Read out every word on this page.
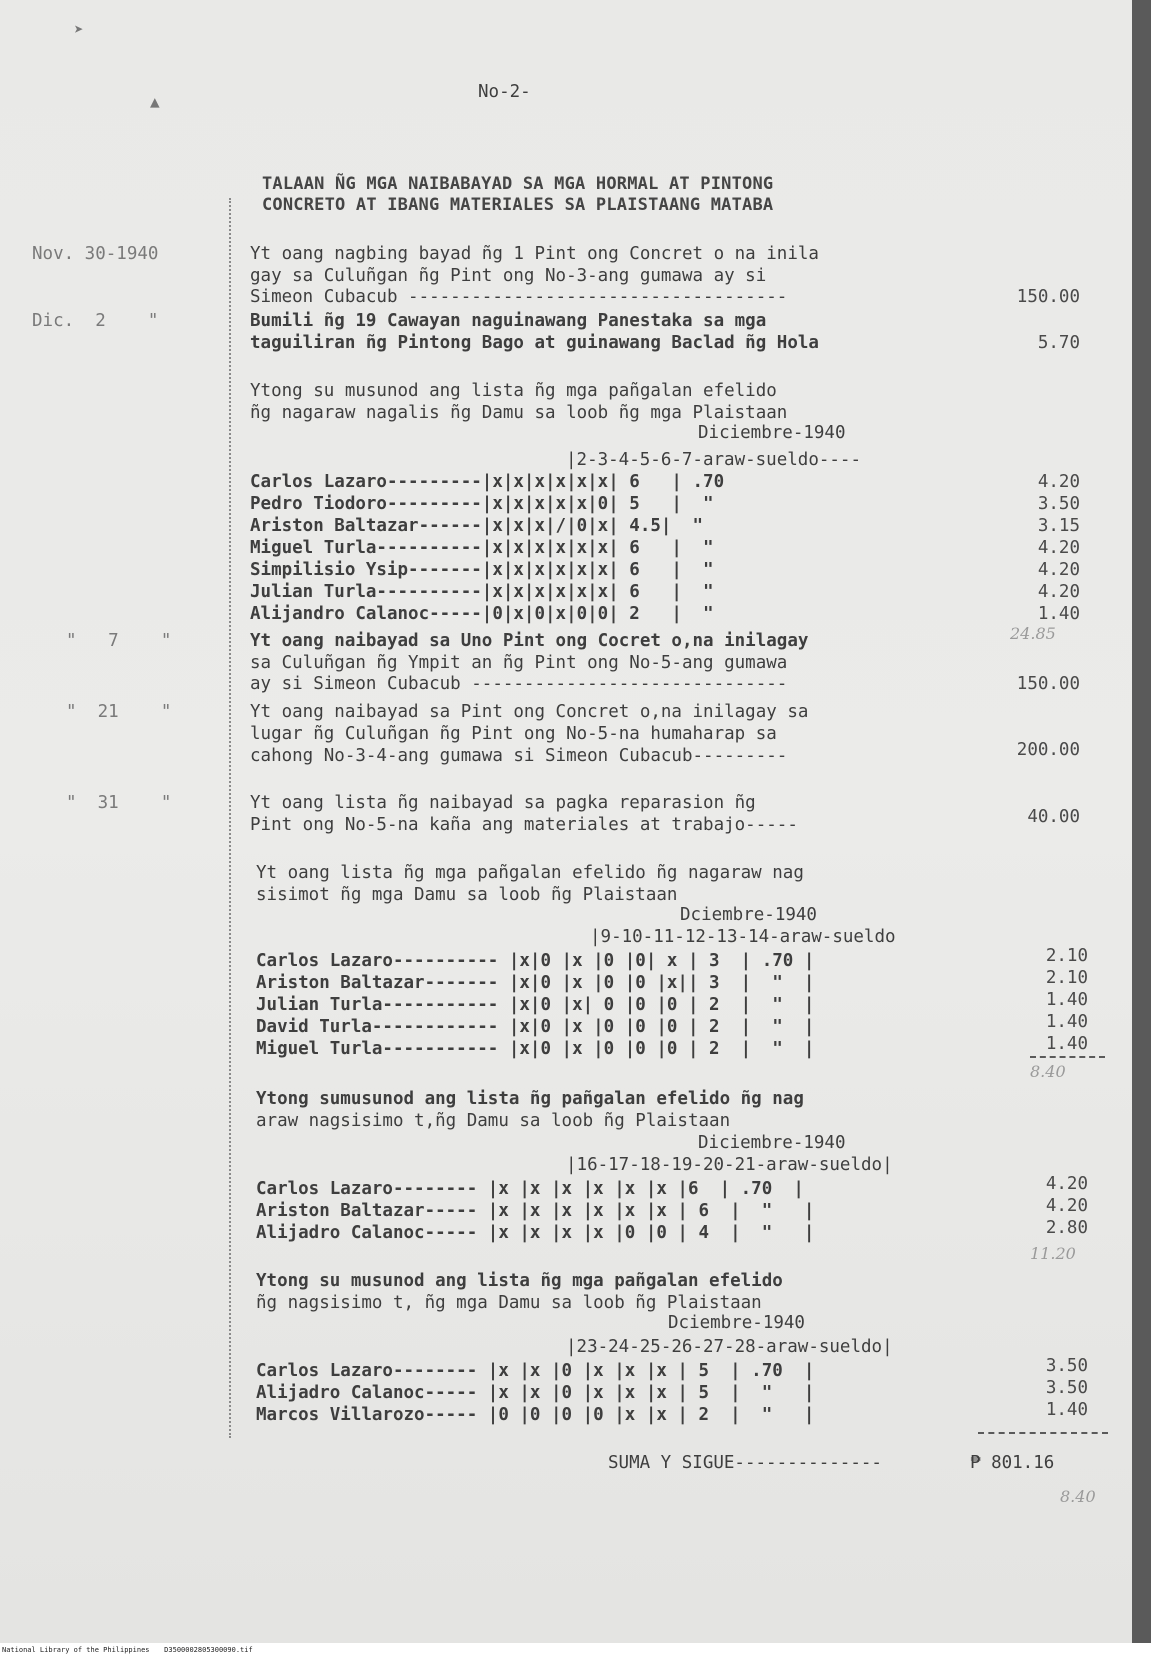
➤
▲	No-2-
TALAAN ÑG MGA NAIBABAYAD SA MGA HORMAL AT PINTONG
CONCRETO AT IBANG MATERIALES SA PLAISTAANG MATABA
Nov. 30-1940	Yt oang nagbing bayad ñg 1 Pint ong Concret o na inila
gay sa Culuñgan ñg Pint ong No-3-ang gumawa ay si
Simeon Cubacub ------------------------------------	150.00
Dic.  2    "	Bumili ñg 19 Cawayan naguinawang Panestaka sa mga
taguiliran ñg Pintong Bago at guinawang Baclad ñg Hola	5.70
Ytong su musunod ang lista ñg mga pañgalan efelido
ñg nagaraw nagalis ñg Damu sa loob ñg mga Plaistaan
Diciembre-1940
|2-3-4-5-6-7-araw-sueldo----
Carlos Lazaro---------|x|x|x|x|x|x| 6   | .70	4.20
Pedro Tiodoro---------|x|x|x|x|x|0| 5   |  "	3.50
Ariston Baltazar------|x|x|x|/|0|x| 4.5|  "	3.15
Miguel Turla----------|x|x|x|x|x|x| 6   |  "	4.20
Simpilisio Ysip-------|x|x|x|x|x|x| 6   |  "	4.20
Julian Turla----------|x|x|x|x|x|x| 6   |  "	4.20
Alijandro Calanoc-----|0|x|0|x|0|0| 2   |  "	1.40
24.85
"   7    "	Yt oang naibayad sa Uno Pint ong Cocret o,na inilagay
sa Culuñgan ñg Ympit an ñg Pint ong No-5-ang gumawa
ay si Simeon Cubacub ------------------------------	150.00
"  21    "	Yt oang naibayad sa Pint ong Concret o,na inilagay sa
lugar ñg Culuñgan ñg Pint ong No-5-na humaharap sa
cahong No-3-4-ang gumawa si Simeon Cubacub---------	200.00
"  31    "	Yt oang lista ñg naibayad sa pagka reparasion ñg
Pint ong No-5-na kaña ang materiales at trabajo-----	40.00
Yt oang lista ñg mga pañgalan efelido ñg nagaraw nag
sisimot ñg mga Damu sa loob ñg Plaistaan
Dciembre-1940
|9-10-11-12-13-14-araw-sueldo
Carlos Lazaro---------- |x|0 |x |0 |0| x | 3  | .70 |	2.10
Ariston Baltazar------- |x|0 |x |0 |0 |x|| 3  |  "  |	2.10
Julian Turla----------- |x|0 |x| 0 |0 |0 | 2  |  "  |	1.40
David Turla------------ |x|0 |x |0 |0 |0 | 2  |  "  |	1.40
Miguel Turla----------- |x|0 |x |0 |0 |0 | 2  |  "  |	1.40
8.40
Ytong sumusunod ang lista ñg pañgalan efelido ñg nag
araw nagsisimo t,ñg Damu sa loob ñg Plaistaan
Diciembre-1940
|16-17-18-19-20-21-araw-sueldo|
Carlos Lazaro-------- |x |x |x |x |x |x |6  | .70  |	4.20
Ariston Baltazar----- |x |x |x |x |x |x | 6  |  "   |	4.20
Alijadro Calanoc----- |x |x |x |x |0 |0 | 4  |  "   |	2.80
11.20
Ytong su musunod ang lista ñg mga pañgalan efelido
ñg nagsisimo t, ñg mga Damu sa loob ñg Plaistaan
Dciembre-1940
|23-24-25-26-27-28-araw-sueldo|
Carlos Lazaro-------- |x |x |0 |x |x |x | 5  | .70  |	3.50
Alijadro Calanoc----- |x |x |0 |x |x |x | 5  |  "   |	3.50
Marcos Villarozo----- |0 |0 |0 |0 |x |x | 2  |  "   |	1.40
SUMA Y SIGUE--------------	₱ 801.16
8.40
National Library of the Philippines D3500002805300090.tif
